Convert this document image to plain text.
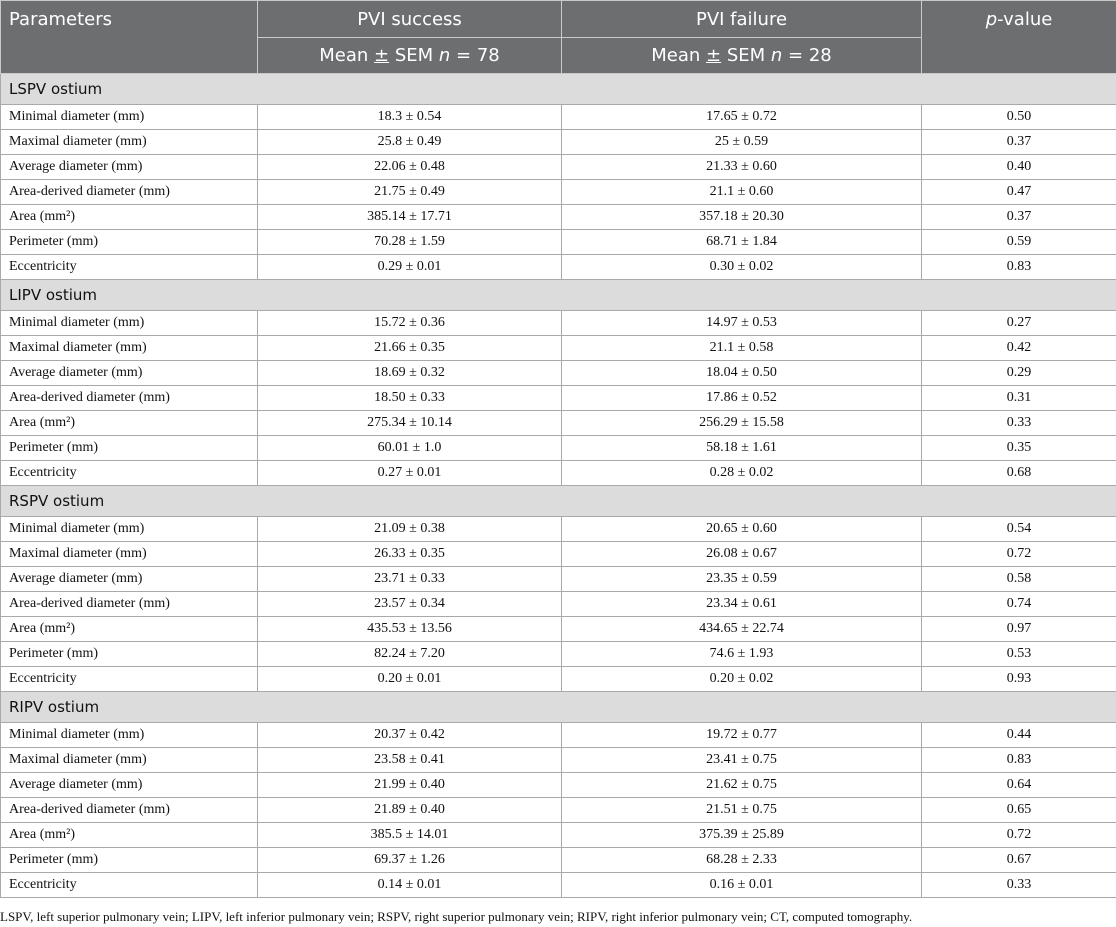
Parameters	PVI success	PVI failure	p-value
	Mean ± SEM n = 78	Mean ± SEM n = 28	
LSPV ostium			
Minimal diameter (mm)	18.3 ± 0.54	17.65 ± 0.72	0.50
Maximal diameter (mm)	25.8 ± 0.49	25 ± 0.59	0.37
Average diameter (mm)	22.06 ± 0.48	21.33 ± 0.60	0.40
Area-derived diameter (mm)	21.75 ± 0.49	21.1 ± 0.60	0.47
Area (mm²)	385.14 ± 17.71	357.18 ± 20.30	0.37
Perimeter (mm)	70.28 ± 1.59	68.71 ± 1.84	0.59
Eccentricity	0.29 ± 0.01	0.30 ± 0.02	0.83
LIPV ostium			
Minimal diameter (mm)	15.72 ± 0.36	14.97 ± 0.53	0.27
Maximal diameter (mm)	21.66 ± 0.35	21.1 ± 0.58	0.42
Average diameter (mm)	18.69 ± 0.32	18.04 ± 0.50	0.29
Area-derived diameter (mm)	18.50 ± 0.33	17.86 ± 0.52	0.31
Area (mm²)	275.34 ± 10.14	256.29 ± 15.58	0.33
Perimeter (mm)	60.01 ± 1.0	58.18 ± 1.61	0.35
Eccentricity	0.27 ± 0.01	0.28 ± 0.02	0.68
RSPV ostium			
Minimal diameter (mm)	21.09 ± 0.38	20.65 ± 0.60	0.54
Maximal diameter (mm)	26.33 ± 0.35	26.08 ± 0.67	0.72
Average diameter (mm)	23.71 ± 0.33	23.35 ± 0.59	0.58
Area-derived diameter (mm)	23.57 ± 0.34	23.34 ± 0.61	0.74
Area (mm²)	435.53 ± 13.56	434.65 ± 22.74	0.97
Perimeter (mm)	82.24 ± 7.20	74.6 ± 1.93	0.53
Eccentricity	0.20 ± 0.01	0.20 ± 0.02	0.93
RIPV ostium			
Minimal diameter (mm)	20.37 ± 0.42	19.72 ± 0.77	0.44
Maximal diameter (mm)	23.58 ± 0.41	23.41 ± 0.75	0.83
Average diameter (mm)	21.99 ± 0.40	21.62 ± 0.75	0.64
Area-derived diameter (mm)	21.89 ± 0.40	21.51 ± 0.75	0.65
Area (mm²)	385.5 ± 14.01	375.39 ± 25.89	0.72
Perimeter (mm)	69.37 ± 1.26	68.28 ± 2.33	0.67
Eccentricity	0.14 ± 0.01	0.16 ± 0.01	0.33
LSPV, left superior pulmonary vein; LIPV, left inferior pulmonary vein; RSPV, right superior pulmonary vein; RIPV, right inferior pulmonary vein; CT, computed tomography.
